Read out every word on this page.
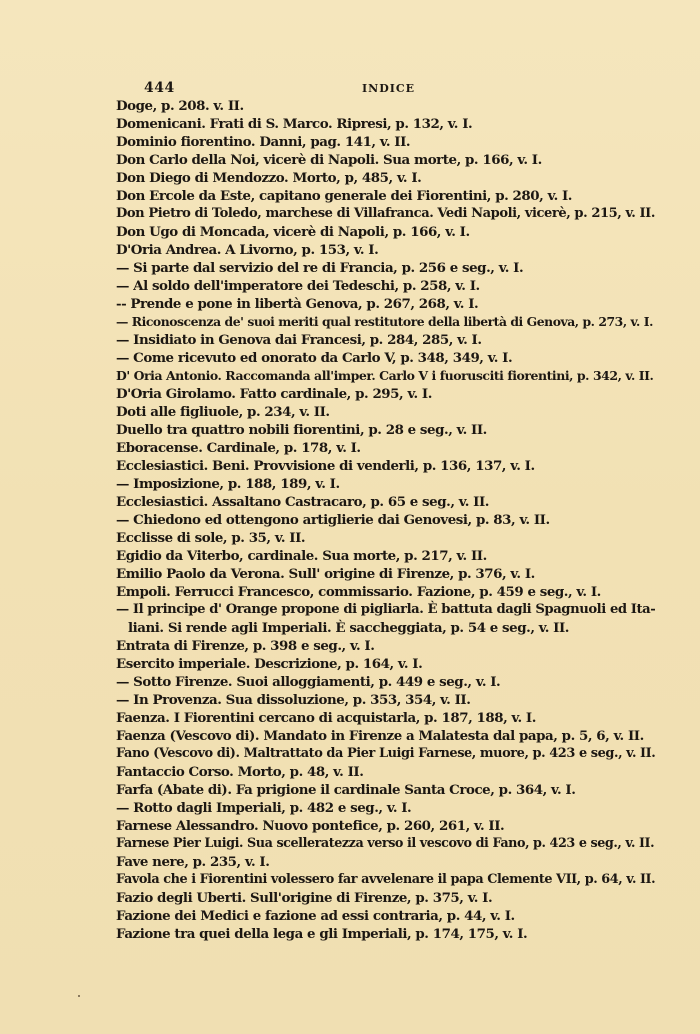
444	INDICE
Doge, p. 208. v. II.
Domenicani. Frati di S. Marco. Ripresi, p. 132, v. I.
Dominio fiorentino. Danni, pag. 141, v. II.
Don Carlo della Noi, vicerè di Napoli. Sua morte, p. 166, v. I.
Don Diego di Mendozzo. Morto, p, 485, v. I.
Don Ercole da Este, capitano generale dei Fiorentini, p. 280, v. I.
Don Pietro di Toledo, marchese di Villafranca. Vedi Napoli, vicerè, p. 215, v. II.
Don Ugo di Moncada, vicerè di Napoli, p. 166, v. I.
D'Oria Andrea. A Livorno, p. 153, v. I.
— Si parte dal servizio del re di Francia, p. 256 e seg., v. I.
— Al soldo dell'imperatore dei Tedeschi, p. 258, v. I.
-- Prende e pone in libertà Genova, p. 267, 268, v. I.
— Riconoscenza de' suoi meriti qual restitutore della libertà di Genova, p. 273, v. I.
— Insidiato in Genova dai Francesi, p. 284, 285, v. I.
— Come ricevuto ed onorato da Carlo V, p. 348, 349, v. I.
D' Oria Antonio. Raccomanda all'imper. Carlo V i fuorusciti fiorentini, p. 342, v. II.
D'Oria Girolamo. Fatto cardinale, p. 295, v. I.
Doti alle figliuole, p. 234, v. II.
Duello tra quattro nobili fiorentini, p. 28 e seg., v. II.
Eboracense. Cardinale, p. 178, v. I.
Ecclesiastici. Beni. Provvisione di venderli, p. 136, 137, v. I.
— Imposizione, p. 188, 189, v. I.
Ecclesiastici. Assaltano Castracaro, p. 65 e seg., v. II.
— Chiedono ed ottengono artiglierie dai Genovesi, p. 83, v. II.
Ecclisse di sole, p. 35, v. II.
Egidio da Viterbo, cardinale. Sua morte, p. 217, v. II.
Emilio Paolo da Verona. Sull' origine di Firenze, p. 376, v. I.
Empoli. Ferrucci Francesco, commissario. Fazione, p. 459 e seg., v. I.
— Il principe d' Orange propone di pigliarla. È battuta dagli Spagnuoli ed Ita-
liani. Si rende agli Imperiali. È saccheggiata, p. 54 e seg., v. II.
Entrata di Firenze, p. 398 e seg., v. I.
Esercito imperiale. Descrizione, p. 164, v. I.
— Sotto Firenze. Suoi alloggiamenti, p. 449 e seg., v. I.
— In Provenza. Sua dissoluzione, p. 353, 354, v. II.
Faenza. I Fiorentini cercano di acquistarla, p. 187, 188, v. I.
Faenza (Vescovo di). Mandato in Firenze a Malatesta dal papa, p. 5, 6, v. II.
Fano (Vescovo di). Maltrattato da Pier Luigi Farnese, muore, p. 423 e seg., v. II.
Fantaccio Corso. Morto, p. 48, v. II.
Farfa (Abate di). Fa prigione il cardinale Santa Croce, p. 364, v. I.
— Rotto dagli Imperiali, p. 482 e seg., v. I.
Farnese Alessandro. Nuovo pontefice, p. 260, 261, v. II.
Farnese Pier Luigi. Sua scelleratezza verso il vescovo di Fano, p. 423 e seg., v. II.
Fave nere, p. 235, v. I.
Favola che i Fiorentini volessero far avvelenare il papa Clemente VII, p. 64, v. II.
Fazio degli Uberti. Sull'origine di Firenze, p. 375, v. I.
Fazione dei Medici e fazione ad essi contraria, p. 44, v. I.
Fazione tra quei della lega e gli Imperiali, p. 174, 175, v. I.
